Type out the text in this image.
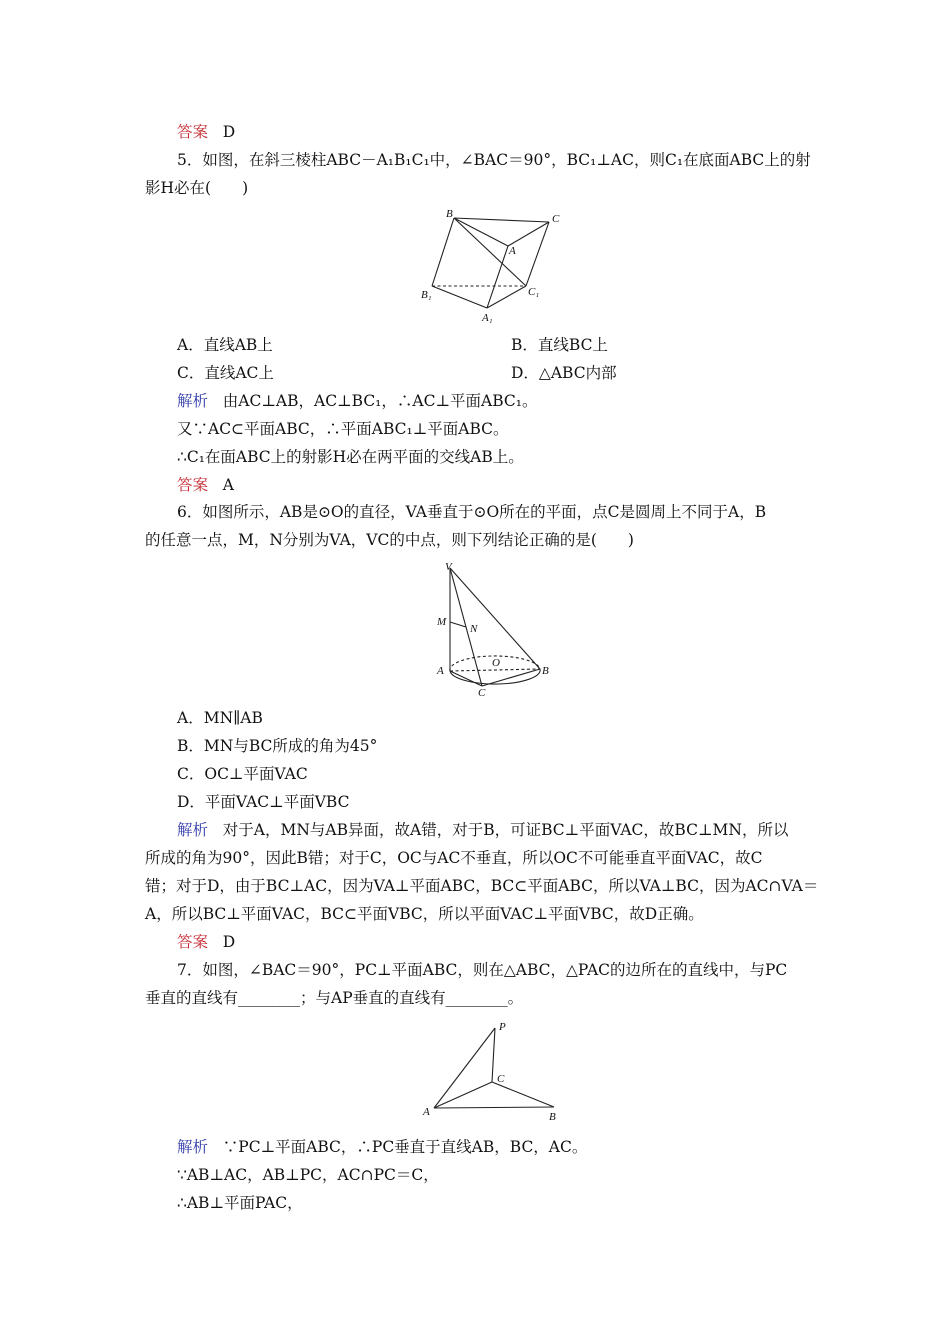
答案 D
5．如图，在斜三棱柱ABC－A₁B₁C₁中，∠BAC＝90°，BC₁⊥AC，则C₁在底面ABC上的射
影H必在(　　)
B	C
A
B₁	C₁
A₁
A．直线AB上	B．直线BC上
C．直线AC上	D．△ABC内部
解析 由AC⊥AB，AC⊥BC₁，∴AC⊥平面ABC₁。
又∵AC⊂平面ABC，∴平面ABC₁⊥平面ABC。
∴C₁在面ABC上的射影H必在两平面的交线AB上。
答案 A
6．如图所示，AB是⊙O的直径，VA垂直于⊙O所在的平面，点C是圆周上不同于A，B
的任意一点，M，N分别为VA，VC的中点，则下列结论正确的是(　　)
V
M
N
O
A	B
C
A．MN∥AB
B．MN与BC所成的角为45°
C．OC⊥平面VAC
D．平面VAC⊥平面VBC
解析 对于A，MN与AB异面，故A错，对于B，可证BC⊥平面VAC，故BC⊥MN，所以
所成的角为90°，因此B错；对于C，OC与AC不垂直，所以OC不可能垂直平面VAC，故C
错；对于D，由于BC⊥AC，因为VA⊥平面ABC，BC⊂平面ABC，所以VA⊥BC，因为AC∩VA＝
A，所以BC⊥平面VAC，BC⊂平面VBC，所以平面VAC⊥平面VBC，故D正确。
答案 D
7．如图，∠BAC＝90°，PC⊥平面ABC，则在△ABC，△PAC的边所在的直线中，与PC
垂直的直线有________；与AP垂直的直线有________。
P
C
A	B
解析 ∵PC⊥平面ABC，∴PC垂直于直线AB，BC，AC。
∵AB⊥AC，AB⊥PC，AC∩PC＝C，
∴AB⊥平面PAC，
